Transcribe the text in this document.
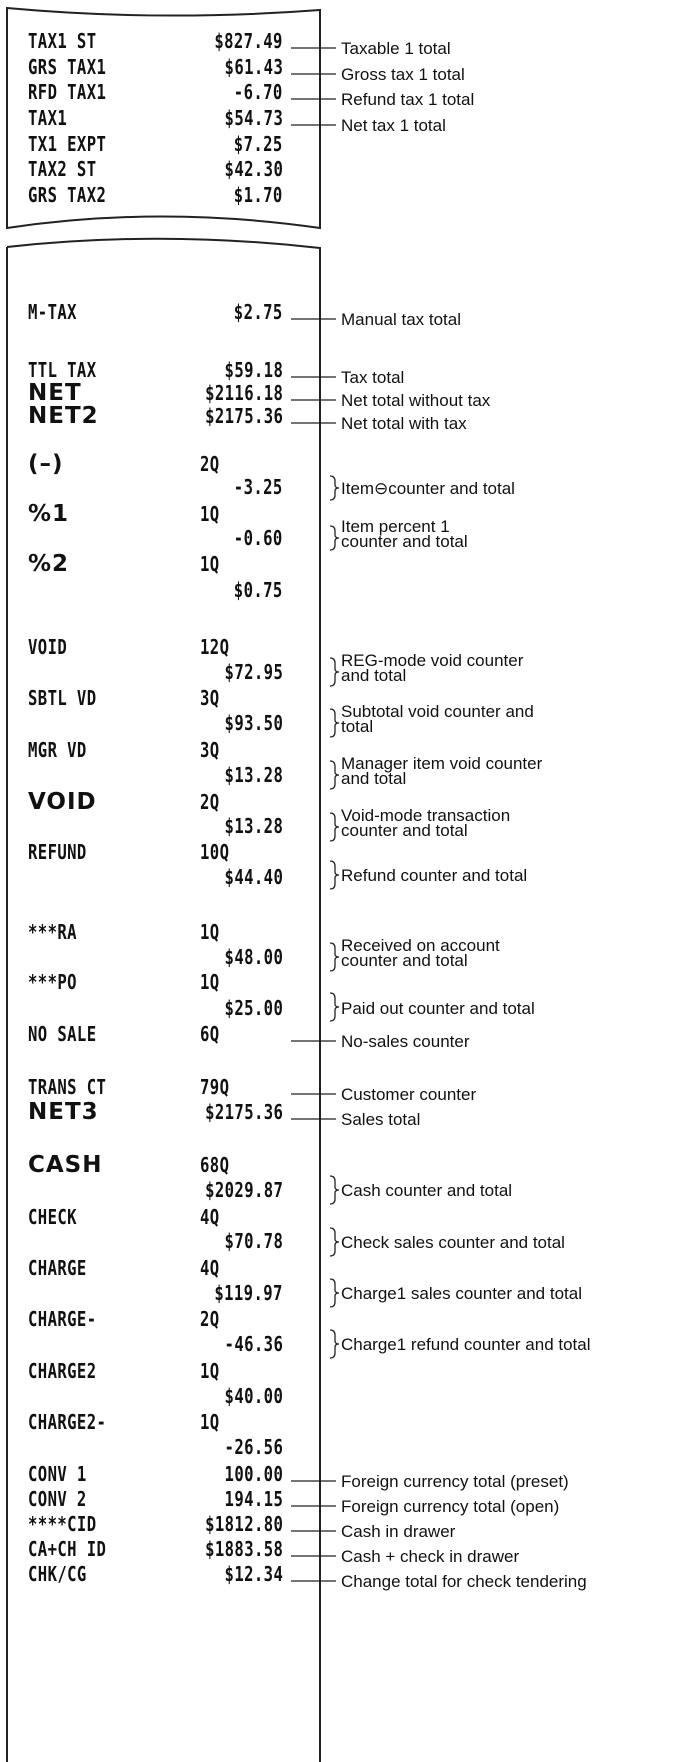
TAX1 ST	$827.49
GRS TAX1	$61.43
RFD TAX1	-6.70
TAX1	$54.73
TX1 EXPT	$7.25
TAX2 ST	$42.30
GRS TAX2	$1.70
M-TAX	$2.75
TTL TAX	$59.18
NET	$2116.18
NET2	$2175.36
(–)	2Q
-3.25
%1	1Q
-0.60
%2	1Q
$0.75
VOID	12Q
$72.95
SBTL VD	3Q
$93.50
MGR VD	3Q
$13.28
VOID	2Q
$13.28
REFUND	10Q
$44.40
***RA	1Q
$48.00
***PO	1Q
$25.00
NO SALE	6Q
TRANS CT	79Q
NET3	$2175.36
CASH	68Q
$2029.87
CHECK	4Q
$70.78
CHARGE	4Q
$119.97
CHARGE-	2Q
-46.36
CHARGE2	1Q
$40.00
CHARGE2-	1Q
-26.56
CONV 1	100.00
CONV 2	194.15
****CID	$1812.80
CA+CH ID	$1883.58
CHK/CG	$12.34
Taxable 1 total
Gross tax 1 total
Refund tax 1 total
Net tax 1 total
Manual tax total
Tax total
Net total without tax
Net total with tax
Item⊖counter and total
Item percent 1
counter and total
REG-mode void counter
and total
Subtotal void counter and
total
Manager item void counter
and total
Void-mode transaction
counter and total
Refund counter and total
Received on account
counter and total
Paid out counter and total
No-sales counter
Customer counter
Sales total
Cash counter and total
Check sales counter and total
Charge1 sales counter and total
Charge1 refund counter and total
Foreign currency total (preset)
Foreign currency total (open)
Cash in drawer
Cash + check in drawer
Change total for check tendering
